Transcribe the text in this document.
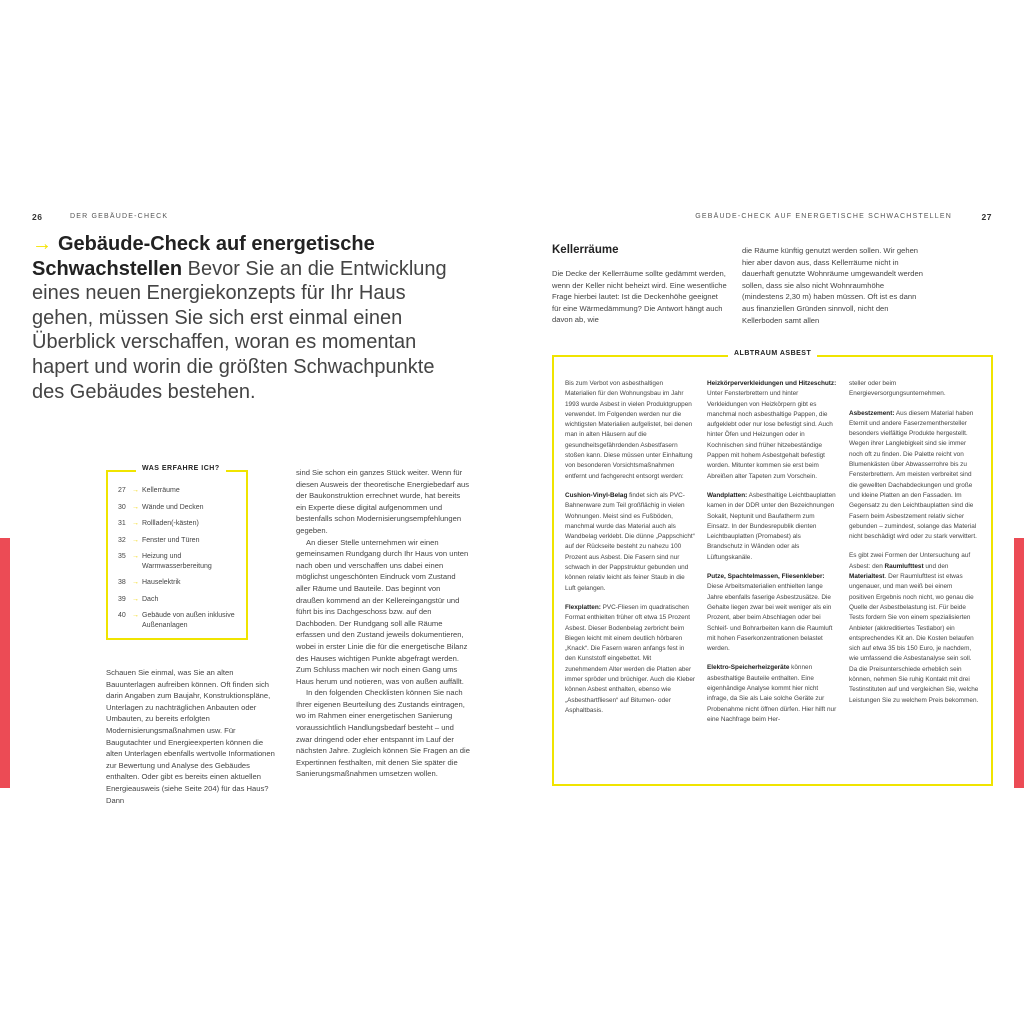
26	DER GEBÄUDE-CHECK	GEBÄUDE-CHECK AUF ENERGETISCHE SCHWACHSTELLEN	27
→ Gebäude-Check auf energetische Schwachstellen Bevor Sie an die Entwicklung eines neuen Energiekonzepts für Ihr Haus gehen, müssen Sie sich erst einmal einen Überblick verschaffen, woran es momentan hapert und worin die größten Schwachpunkte des Gebäudes bestehen.
WAS ERFAHRE ICH?
27 → Kellerräume
30 → Wände und Decken
31 → Rollladen(-kästen)
32 → Fenster und Türen
35 → Heizung und Warmwasserbereitung
38 → Hauselektrik
39 → Dach
40 → Gebäude von außen inklusive Außenanlagen

Schauen Sie einmal, was Sie an alten Bauunterlagen aufreiben können. Oft finden sich darin Angaben zum Baujahr, Konstruktionspläne, Unterlagen zu nachträglichen Anbauten oder Umbauten, zu bereits erfolgten Modernisierungsmaßnahmen usw. Für Baugutachter und Energieexperten können die alten Unterlagen ebenfalls wertvolle Informationen zur Bewertung und Analyse des Gebäudes enthalten. Oder gibt es bereits einen aktuellen Energieausweis (siehe Seite 204) für das Haus? Dann

sind Sie schon ein ganzes Stück weiter. Wenn für diesen Ausweis der theoretische Energiebedarf aus der Baukonstruktion errechnet wurde, hat bereits ein Experte diese digital aufgenommen und bestenfalls schon Modernisierungsempfehlungen gegeben.

An dieser Stelle unternehmen wir einen gemeinsamen Rundgang durch Ihr Haus von unten nach oben und verschaffen uns dabei einen möglichst ungeschönten Eindruck vom Zustand aller Räume und Bauteile. Das beginnt von draußen kommend an der Kellereingangstür und führt bis ins Dachgeschoss bzw. auf den Dachboden. Der Rundgang soll alle Räume erfassen und den Zustand jeweils dokumentieren, wobei in erster Linie die für die energetische Bilanz des Hauses wichtigen Punkte abgefragt werden. Zum Schluss machen wir noch einen Gang ums Haus herum und notieren, was von außen auffällt.

In den folgenden Checklisten können Sie nach Ihrer eigenen Beurteilung des Zustands eintragen, wo im Rahmen einer energetischen Sanierung voraussichtlich Handlungsbedarf besteht – und zwar dringend oder eher entspannt im Lauf der nächsten Jahre. Zugleich können Sie Fragen an die Expertinnen festhalten, mit denen Sie später die Sanierungsmaßnahmen umsetzen wollen.

Kellerräume

Die Decke der Kellerräume sollte gedämmt werden, wenn der Keller nicht beheizt wird. Eine wesentliche Frage hierbei lautet: Ist die Deckenhöhe geeignet für eine Wärmedämmung? Die Antwort hängt auch davon ab, wie

die Räume künftig genutzt werden sollen. Wir gehen hier aber davon aus, dass Kellerräume nicht in dauerhaft genutzte Wohnräume umgewandelt werden sollen, dass sie also nicht Wohnraumhöhe (mindestens 2,30 m) haben müssen. Oft ist es dann aus finanziellen Gründen sinnvoll, nicht den Kellerboden samt allen

ALBTRAUM ASBEST

Bis zum Verbot von asbesthaltigen Materialien für den Wohnungsbau im Jahr 1993 wurde Asbest in vielen Produktgruppen verwendet. Im Folgenden werden nur die wichtigsten Materialien aufgelistet, bei denen man in alten Häusern auf die gesundheitsgefährdenden Asbestfasern stoßen kann. Diese müssen unter Einhaltung von besonderen Vorsichtsmaßnahmen entfernt und fachgerecht entsorgt werden:

Cushion-Vinyl-Belag findet sich als PVC-Bahnenware zum Teil großflächig in vielen Wohnungen. Meist sind es Fußböden, manchmal wurde das Material auch als Wandbelag verklebt. Die dünne „Pappschicht“ auf der Rückseite besteht zu nahezu 100 Prozent aus Asbest. Die Fasern sind nur schwach in der Pappstruktur gebunden und können relativ leicht als feiner Staub in die Luft gelangen.

Flexplatten: PVC-Fliesen im quadratischen Format enthielten früher oft etwa 15 Prozent Asbest. Dieser Bodenbelag zerbricht beim Biegen leicht mit einem deutlich hörbaren „Knack“. Die Fasern waren anfangs fest in den Kunststoff eingebettet. Mit zunehmendem Alter werden die Platten aber immer spröder und brüchiger. Auch die Kleber können Asbest enthalten, ebenso wie „Asbesthartfliesen“ auf Bitumen- oder Asphaltbasis.

Heizkörperverkleidungen und Hitzeschutz: Unter Fensterbrettern und hinter Verkleidungen von Heizkörpern gibt es manchmal noch asbesthaltige Pappen, die aufgeklebt oder nur lose befestigt sind. Auch hinter Öfen und Heizungen oder in Kochnischen sind früher hitzebeständige Pappen mit hohem Asbestgehalt befestigt worden. Mitunter kommen sie erst beim Abreißen alter Tapeten zum Vorschein.

Wandplatten: Asbesthaltige Leichtbauplatten kamen in der DDR unter den Bezeichnungen Sokalit, Neptunit und Baufatherm zum Einsatz. In der Bundesrepublik dienten Leichtbauplatten (Promabest) als Brandschutz in Wänden oder als Lüftungskanäle.

Putze, Spachtelmassen, Fliesenkleber: Diese Arbeitsmaterialien enthielten lange Jahre ebenfalls faserige Asbestzusätze. Die Gehalte liegen zwar bei weit weniger als ein Prozent, aber beim Abschlagen oder bei Schleif- und Bohrarbeiten kann die Raumluft mit hohen Faserkonzentrationen belastet werden.

Elektro-Speicherheizgeräte können asbesthaltige Bauteile enthalten. Eine eigenhändige Analyse kommt hier nicht infrage, da Sie als Laie solche Geräte zur Probenahme nicht öffnen dürfen. Hier hilft nur eine Nachfrage beim Her-

steller oder beim Energieversorgungsunternehmen.

Asbestzement: Aus diesem Material haben Eternit und andere Faserzementhersteller besonders vielfältige Produkte hergestellt. Wegen ihrer Langlebigkeit sind sie immer noch oft zu finden. Die Palette reicht von Blumenkästen über Abwasserrohre bis zu Fensterbrettern. Am meisten verbreitet sind die gewellten Dachabdeckungen und große und kleine Platten an den Fassaden. Im Gegensatz zu den Leichtbauplatten sind die Fasern beim Asbestzement relativ sicher gebunden – zumindest, solange das Material nicht beschädigt wird oder zu stark verwittert.

Es gibt zwei Formen der Untersuchung auf Asbest: den Raumlufttest und den Materialtest. Der Raumlufttest ist etwas ungenauer, und man weiß bei einem positiven Ergebnis noch nicht, wo genau die Quelle der Asbestbelastung ist. Für beide Tests fordern Sie von einem spezialisierten Anbieter (akkreditiertes Testlabor) ein entsprechendes Kit an. Die Kosten belaufen sich auf etwa 35 bis 150 Euro, je nachdem, wie umfassend die Asbestanalyse sein soll. Da die Preisunterschiede erheblich sein können, nehmen Sie ruhig Kontakt mit drei Testinstituten auf und vergleichen Sie, welche Leistungen Sie zu welchem Preis bekommen.
